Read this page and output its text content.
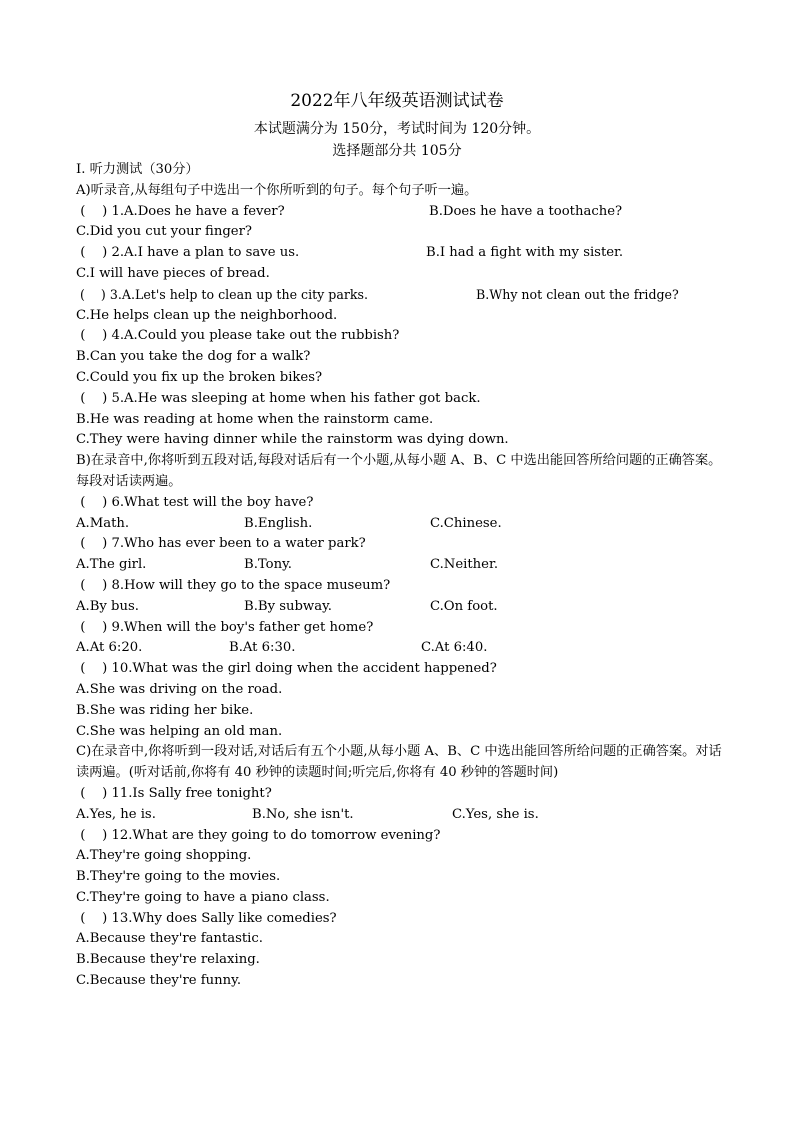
2022年八年级英语测试试卷
本试题满分为 150分，考试时间为 120分钟。
选择题部分共 105分
I. 听力测试（30分）
A)听录音,从每组句子中选出一个你所听到的句子。每个句子听一遍。
(    ) 1.A.Does he have a fever?	B.Does he have a toothache?
C.Did you cut your finger?
(    ) 2.A.I have a plan to save us.	B.I had a fight with my sister.
C.I will have pieces of bread.
(    ) 3.A.Let's help to clean up the city parks.	B.Why not clean out the fridge?
C.He helps clean up the neighborhood.
(    ) 4.A.Could you please take out the rubbish?
B.Can you take the dog for a walk?
C.Could you fix up the broken bikes?
(    ) 5.A.He was sleeping at home when his father got back.
B.He was reading at home when the rainstorm came.
C.They were having dinner while the rainstorm was dying down.
B)在录音中,你将听到五段对话,每段对话后有一个小题,从每小题 A、B、C 中选出能回答所给问题的正确答案。
每段对话读两遍。
(    ) 6.What test will the boy have?
A.Math.	B.English.	C.Chinese.
(    ) 7.Who has ever been to a water park?
A.The girl.	B.Tony.	C.Neither.
(    ) 8.How will they go to the space museum?
A.By bus.	B.By subway.	C.On foot.
(    ) 9.When will the boy's father get home?
A.At 6:20.	B.At 6:30.	C.At 6:40.
(    ) 10.What was the girl doing when the accident happened?
A.She was driving on the road.
B.She was riding her bike.
C.She was helping an old man.
C)在录音中,你将听到一段对话,对话后有五个小题,从每小题 A、B、C 中选出能回答所给问题的正确答案。对话
读两遍。(听对话前,你将有 40 秒钟的读题时间;听完后,你将有 40 秒钟的答题时间)
(    ) 11.Is Sally free tonight?
A.Yes, he is.	B.No, she isn't.	C.Yes, she is.
(    ) 12.What are they going to do tomorrow evening?
A.They're going shopping.
B.They're going to the movies.
C.They're going to have a piano class.
(    ) 13.Why does Sally like comedies?
A.Because they're fantastic.
B.Because they're relaxing.
C.Because they're funny.
